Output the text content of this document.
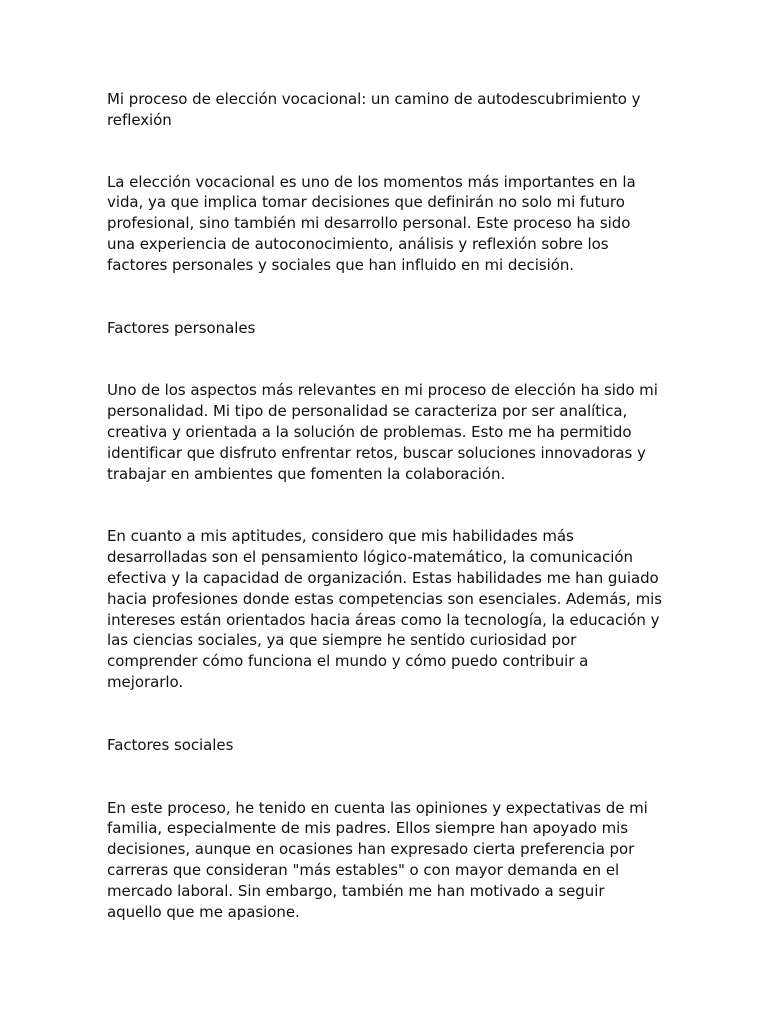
Mi proceso de elección vocacional: un camino de autodescubrimiento y reflexión

La elección vocacional es uno de los momentos más importantes en la vida, ya que implica tomar decisiones que definirán no solo mi futuro profesional, sino también mi desarrollo personal. Este proceso ha sido una experiencia de autoconocimiento, análisis y reflexión sobre los factores personales y sociales que han influido en mi decisión.

Factores personales

Uno de los aspectos más relevantes en mi proceso de elección ha sido mi personalidad. Mi tipo de personalidad se caracteriza por ser analítica, creativa y orientada a la solución de problemas. Esto me ha permitido identificar que disfruto enfrentar retos, buscar soluciones innovadoras y trabajar en ambientes que fomenten la colaboración.

En cuanto a mis aptitudes, considero que mis habilidades más desarrolladas son el pensamiento lógico-matemático, la comunicación efectiva y la capacidad de organización. Estas habilidades me han guiado hacia profesiones donde estas competencias son esenciales. Además, mis intereses están orientados hacia áreas como la tecnología, la educación y las ciencias sociales, ya que siempre he sentido curiosidad por comprender cómo funciona el mundo y cómo puedo contribuir a mejorarlo.

Factores sociales

En este proceso, he tenido en cuenta las opiniones y expectativas de mi familia, especialmente de mis padres. Ellos siempre han apoyado mis decisiones, aunque en ocasiones han expresado cierta preferencia por carreras que consideran "más estables" o con mayor demanda en el mercado laboral. Sin embargo, también me han motivado a seguir aquello que me apasione.
